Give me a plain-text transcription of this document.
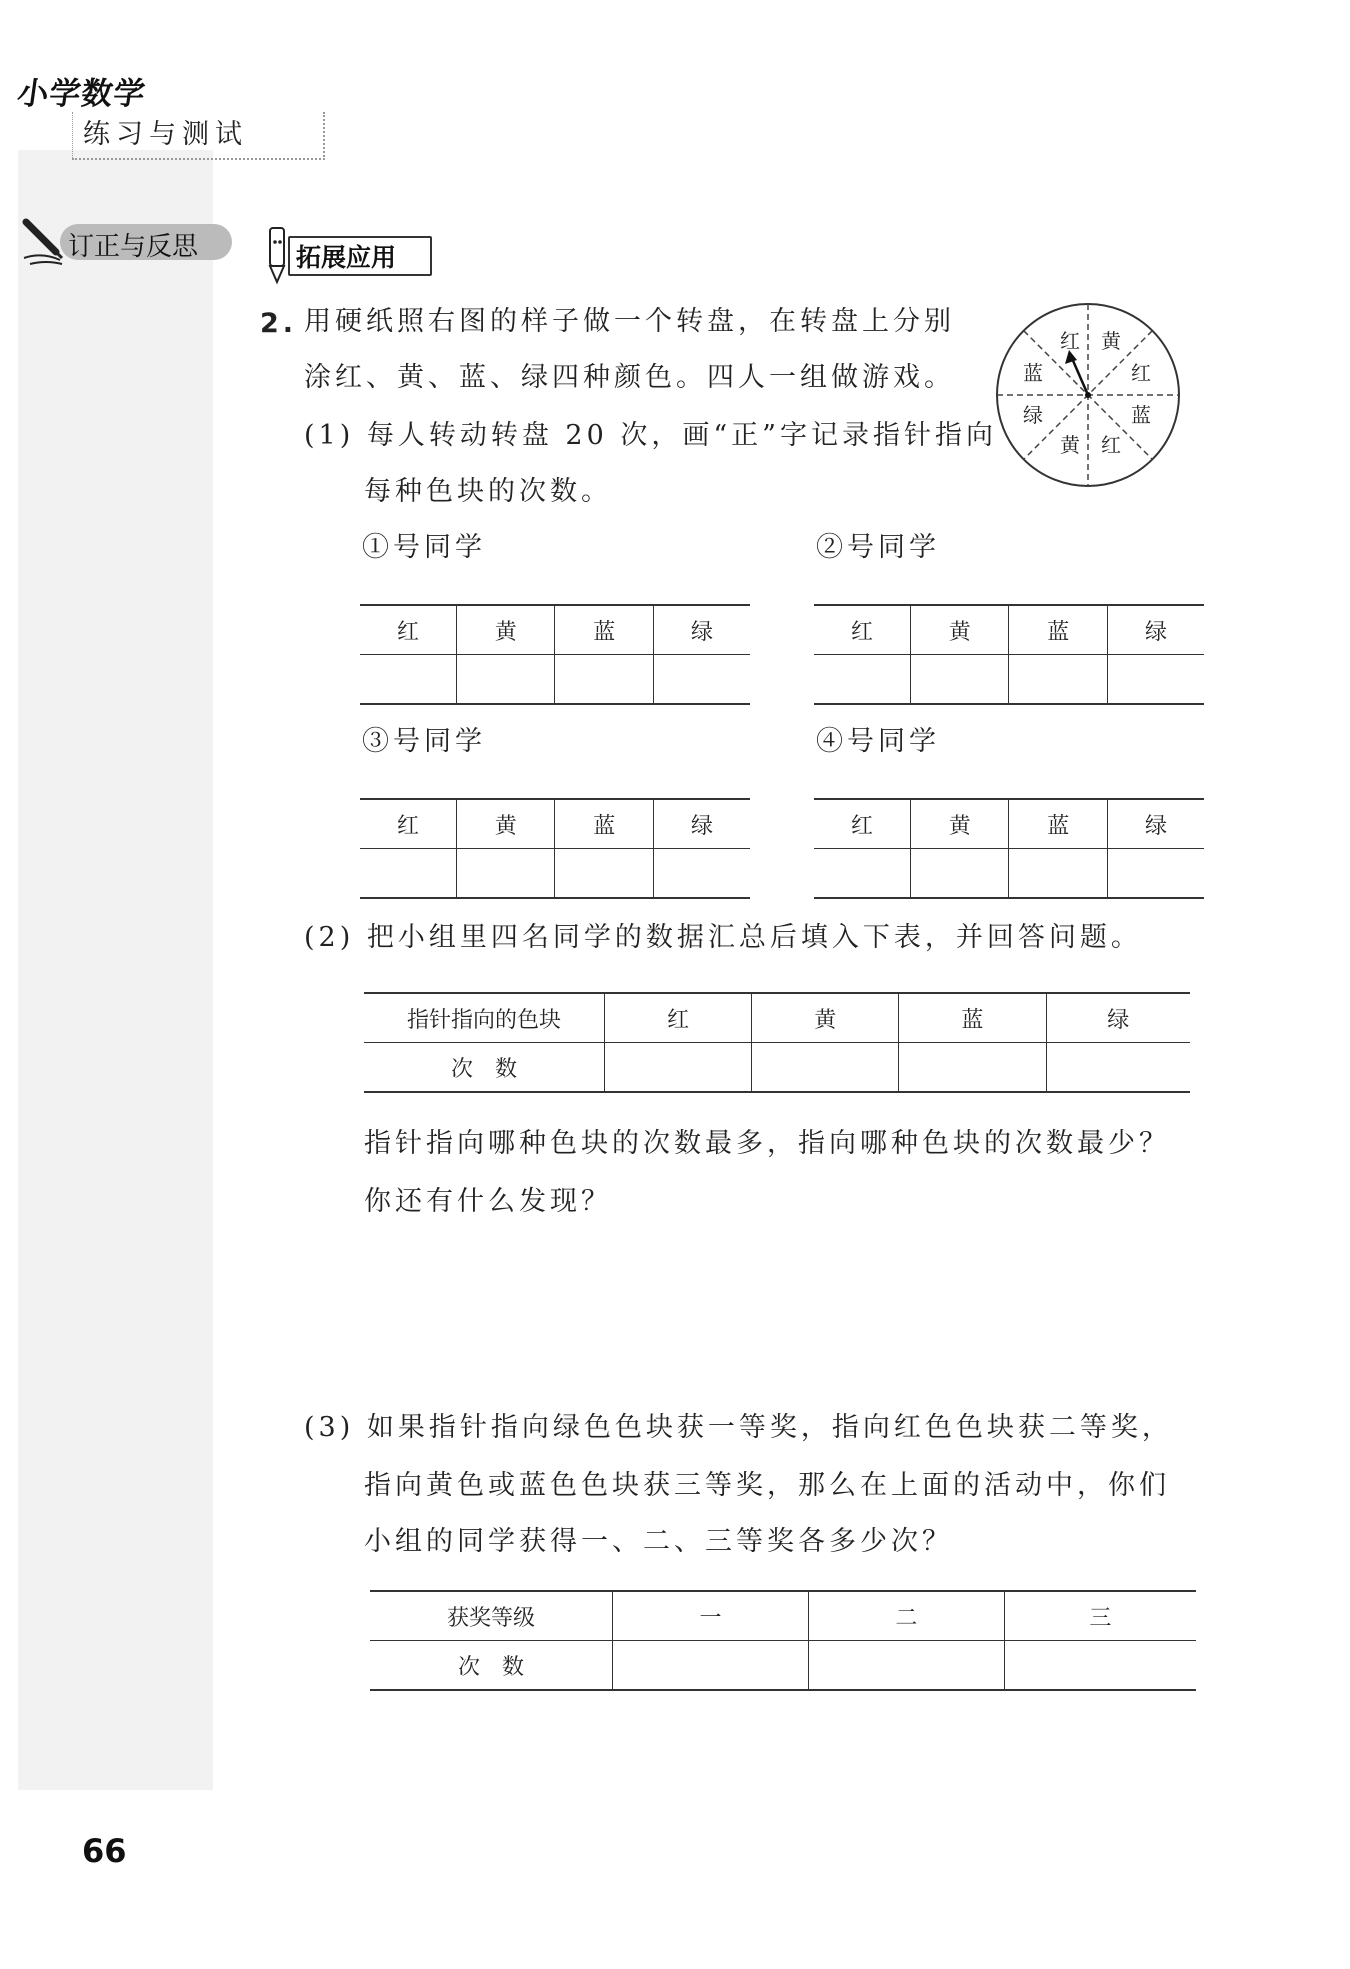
小学数学
练习与测试
订正与反思	拓展应用
2. 用硬纸照右图的样子做一个转盘，在转盘上分别
涂红、黄、蓝、绿四种颜色。四人一组做游戏。
(1) 每人转动转盘 20 次，画“正”字记录指针指向
每种色块的次数。
红 黄
红
蓝
红
黄
绿
蓝
①号同学
红	黄	蓝	绿

②号同学
红	黄	蓝	绿

③号同学
红	黄	蓝	绿

④号同学
红	黄	蓝	绿

(2) 把小组里四名同学的数据汇总后填入下表，并回答问题。
指针指向的色块	红	黄	蓝	绿
次　数				
指针指向哪种色块的次数最多，指向哪种色块的次数最少？
你还有什么发现？
(3) 如果指针指向绿色色块获一等奖，指向红色色块获二等奖，
指向黄色或蓝色色块获三等奖，那么在上面的活动中，你们
小组的同学获得一、二、三等奖各多少次？
获奖等级	一	二	三
次　数			
66
